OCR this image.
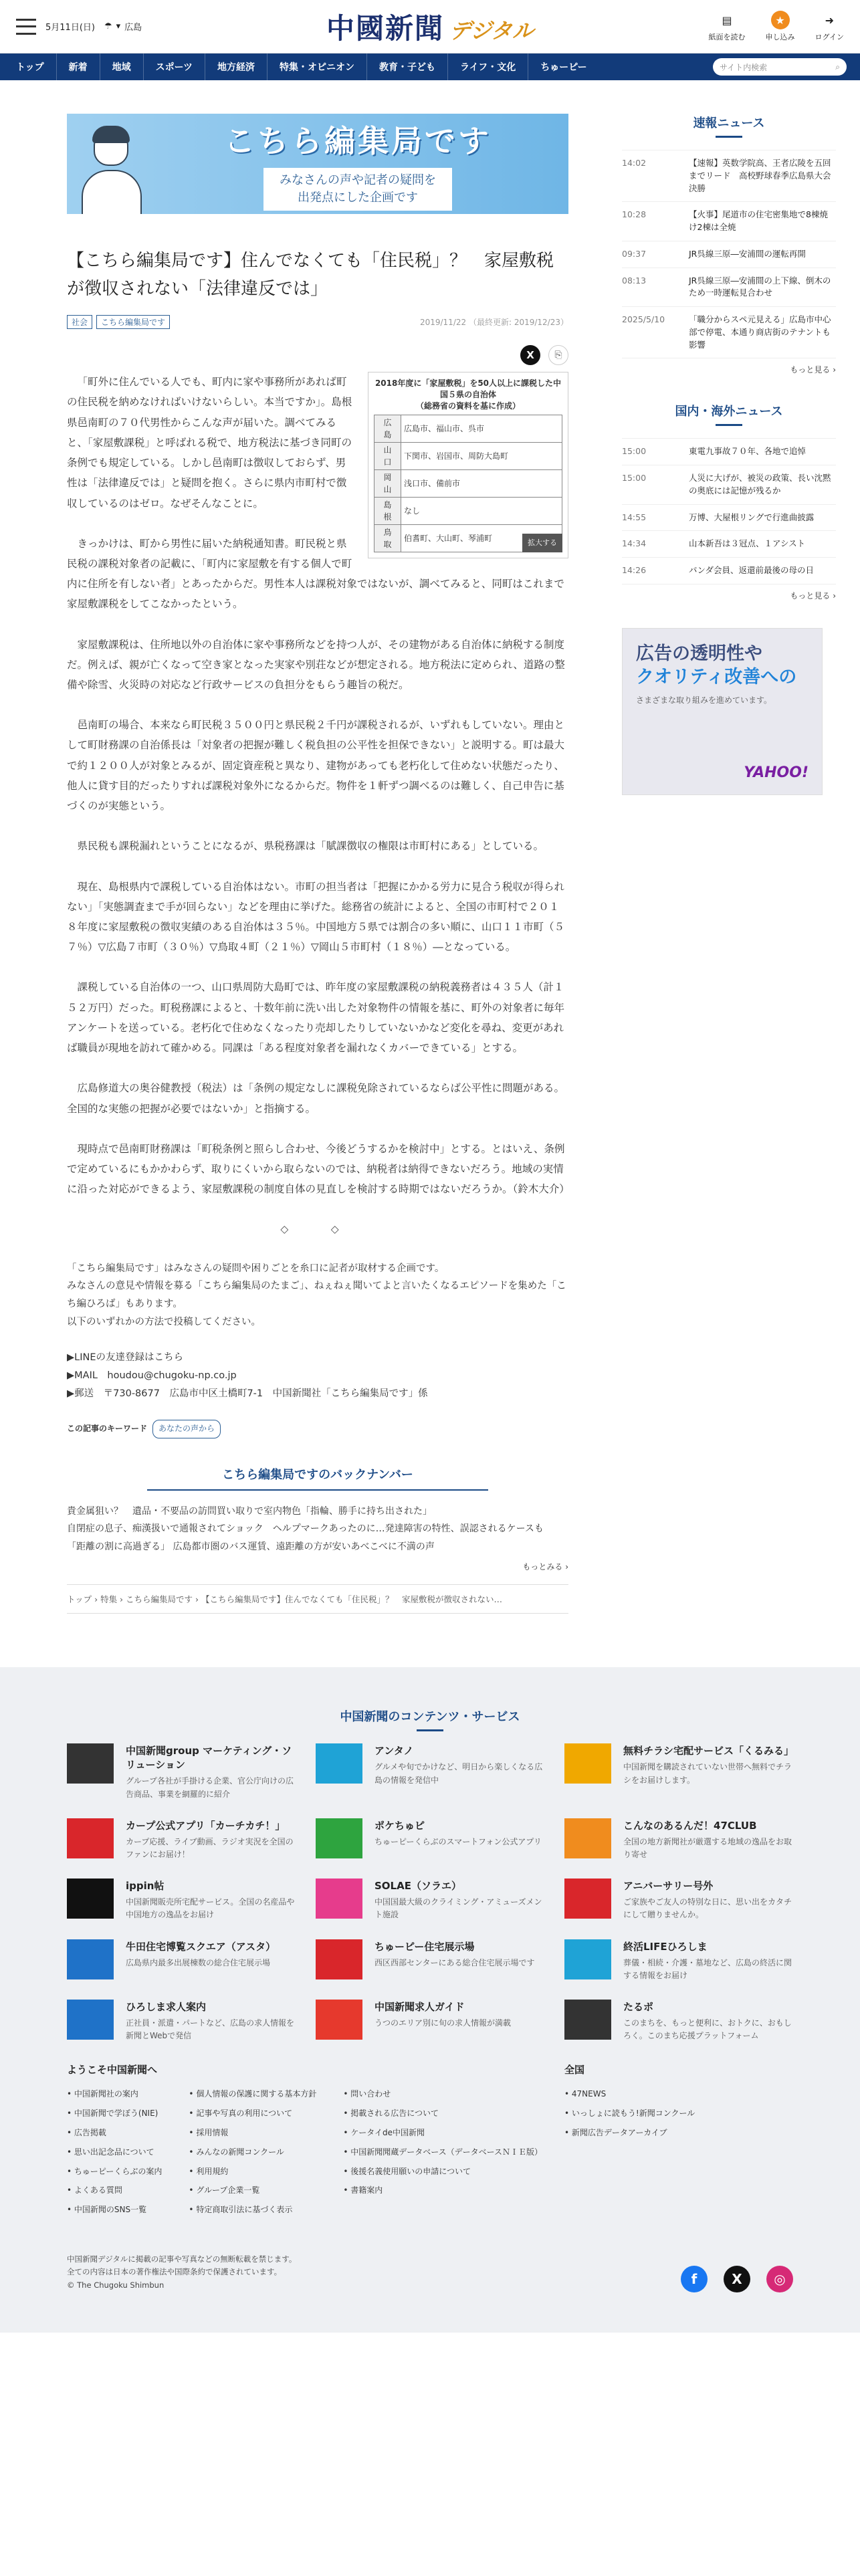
5月11日(日) ☂ ▾ 広島	中國新聞 デジタル	▤
紙面を読む
★
申し込み
➜
ログイン
トップ	新着	地域	スポーツ	地方経済	特集・オピニオン	教育・子ども	ライフ・文化	ちゅーピー	サイト内検索	⌕
こちら編集局です
みなさんの声や記者の疑問を
出発点にした企画です
【こちら編集局です】住んでなくても「住民税」？　家屋敷税が徴収されない「法律違反では」
社会	こちら編集局です	2019/11/22 （最終更新: 2019/12/23）
X	⎘
2018年度に「家屋敷税」を50人以上に課税した中国５県の自治体
（総務省の資料を基に作成）
広　島	広島市、福山市、呉市
山　口	下関市、岩国市、周防大島町
岡　山	浅口市、備前市
島　根	なし
鳥　取	伯耆町、大山町、琴浦町
拡大する

「町外に住んでいる人でも、町内に家や事務所があれば町の住民税を納めなければいけないらしい。本当ですか」。島根県邑南町の７０代男性からこんな声が届いた。調べてみると、「家屋敷課税」と呼ばれる税で、地方税法に基づき同町の条例でも規定している。しかし邑南町は徴収しておらず、男性は「法律違反では」と疑問を抱く。さらに県内市町村で徴収しているのはゼロ。なぜそんなことに。

きっかけは、町から男性に届いた納税通知書。町民税と県民税の課税対象者の記載に、「町内に家屋敷を有する個人で町内に住所を有しない者」とあったからだ。男性本人は課税対象ではないが、調べてみると、同町はこれまで家屋敷課税をしてこなかったという。

家屋敷課税は、住所地以外の自治体に家や事務所などを持つ人が、その建物がある自治体に納税する制度だ。例えば、親が亡くなって空き家となった実家や別荘などが想定される。地方税法に定められ、道路の整備や除雪、火災時の対応など行政サービスの負担分をもらう趣旨の税だ。

邑南町の場合、本来なら町民税３５００円と県民税２千円が課税されるが、いずれもしていない。理由として町財務課の自治係長は「対象者の把握が難しく税負担の公平性を担保できない」と説明する。町は最大で約１２００人が対象とみるが、固定資産税と異なり、建物があっても老朽化して住めない状態だったり、他人に貸す目的だったりすれば課税対象外になるからだ。物件を１軒ずつ調べるのは難しく、自己申告に基づくのが実態という。

県民税も課税漏れということになるが、県税務課は「賦課徴収の権限は市町村にある」としている。

現在、島根県内で課税している自治体はない。市町の担当者は「把握にかかる労力に見合う税収が得られない」「実態調査まで手が回らない」などを理由に挙げた。総務省の統計によると、全国の市町村で２０１８年度に家屋敷税の徴収実績のある自治体は３５％。中国地方５県では割合の多い順に、山口１１市町（５７％）▽広島７市町（３０％）▽鳥取４町（２１％）▽岡山５市町村（１８％）―となっている。

課税している自治体の一つ、山口県周防大島町では、昨年度の家屋敷課税の納税義務者は４３５人（計１５２万円）だった。町税務課によると、十数年前に洗い出した対象物件の情報を基に、町外の対象者に毎年アンケートを送っている。老朽化で住めなくなったり売却したりしていないかなど変化を尋ね、変更があれば職員が現地を訪れて確かめる。同課は「ある程度対象者を漏れなくカバーできている」とする。

広島修道大の奥谷健教授（税法）は「条例の規定なしに課税免除されているならば公平性に問題がある。全国的な実態の把握が必要ではないか」と指摘する。

現時点で邑南町財務課は「町税条例と照らし合わせ、今後どうするかを検討中」とする。とはいえ、条例で定めているにもかかわらず、取りにくいから取らないのでは、納税者は納得できないだろう。地域の実情に沿った対応ができるよう、家屋敷課税の制度自体の見直しを検討する時期ではないだろうか。（鈴木大介）

◇　◇
「こちら編集局です」はみなさんの疑問や困りごとを糸口に記者が取材する企画です。
みなさんの意見や情報を募る「こちら編集局のたまご」、ねぇねぇ聞いてよと言いたくなるエピソードを集めた「こち編ひろば」もあります。
以下のいずれかの方法で投稿してください。
▶LINEの友達登録はこちら
▶MAIL　houdou@chugoku-np.co.jp
▶郵送　〒730-8677　広島市中区土橋町7-1　中国新聞社「こちら編集局です」係
この記事のキーワード	あなたの声から
こちら編集局ですのバックナンバー
貴金属狙い？　遺品・不要品の訪問買い取りで室内物色「指輪、勝手に持ち出された」
自閉症の息子、痴漢扱いで通報されてショック　ヘルプマークあったのに…発達障害の特性、誤認されるケースも
「距離の割に高過ぎる」 広島都市圏のバス運賃、遠距離の方が安いあべこべに不満の声
もっとみる ›
トップ › 特集 › こちら編集局です › 【こちら編集局です】住んでなくても「住民税」？　家屋敷税が徴収されない…
速報ニュース
14:02	【速報】英数学院高、王者広陵を五回までリード　高校野球春季広島県大会決勝
10:28	【火事】尾道市の住宅密集地で8棟焼け2棟は全焼
09:37	JR呉線三原―安浦間の運転再開
08:13	JR呉線三原―安浦間の上下線、倒木のため一時運転見合わせ
2025/5/10	「職分からスペ元見える」広島市中心部で停電、本通り商店街のテナントも影響
もっと見る ›
国内・海外ニュース
15:00	東電九事故７０年、各地で追悼
15:00	人災に大げが、被災の政策、長い沈黙の奥底には記憶が残るか
14:55	万博、大屋根リングで行進曲披露
14:34	山本新吾は３冠点、１アシスト
14:26	パンダ会員、返還前最後の母の日
もっと見る ›
広告の透明性や
クオリティ改善への
さまざまな取り組みを進めています。
YAHOO!
中国新聞のコンテンツ・サービス
中国新聞group マーケティング・ソリューション
グループ各社が手掛ける企業、官公庁向けの広告商品、事業を網羅的に紹介
アンタノ
グルメや旬でかけなど、明日から楽しくなる広島の情報を発信中
無料チラシ宅配サービス「くるみる」
中国新聞を購読されていない世帯へ無料でチラシをお届けします。
カープ公式アプリ「カーチカチ！」
カープ応援、ライブ動画、ラジオ実況を全国のファンにお届け！
ポケちゅピ
ちゅーピーくらぶのスマートフォン公式アプリ
こんなのあるんだ！47CLUB
全国の地方新聞社が厳選する地域の逸品をお取り寄せ
ippin帖
中国新聞販売所宅配サービス。全国の名産品や中国地方の逸品をお届け
SOLAE（ソラエ）
中国国最大級のクライミング・アミューズメント施設
アニバーサリー号外
ご家族やご友人の特別な日に、思い出をカタチにして贈りませんか。
牛田住宅博覧スクエア（アスタ）
広島県内最多出展棟数の総合住宅展示場
ちゅーピー住宅展示場
西区西部センターにある総合住宅展示場です
終活LIFEひろしま
葬儀・相続・介護・墓地など、広島の終活に関する情報をお届け
ひろしま求人案内
正社員・派遣・パートなど、広島の求人情報を新聞とWebで発信
中国新聞求人ガイド
うつのエリア別に旬の求人情報が満載
たるポ
このまちを、もっと便利に、おトクに、おもしろく。このまち応援プラットフォーム
ようこそ中国新聞へ
• 中国新聞社の案内
• 中国新聞で学ぼう(NIE)
• 広告掲載
• 思い出記念品について
• ちゅーピーくらぶの案内
• よくある質問
• 中国新聞のSNS一覧
• 個人情報の保護に関する基本方針
• 記事や写真の利用について
• 採用情報
• みんなの新聞コンクール
• 利用規約
• グループ企業一覧
• 特定商取引法に基づく表示
• 問い合わせ
• 掲載される広告について
• ケータイde中国新聞
• 中国新聞聞蔵データベース（データベースＮＩＥ版）
• 後援名義使用願いの申請について
• 書籍案内
全国
• 47NEWS
• いっしょに読もう!新聞コンクール
• 新聞広告データアーカイブ
中国新聞デジタルに掲載の記事や写真などの無断転載を禁じます。
全ての内容は日本の著作権法や国際条約で保護されています。
© The Chugoku Shimbun	f	X	◎
